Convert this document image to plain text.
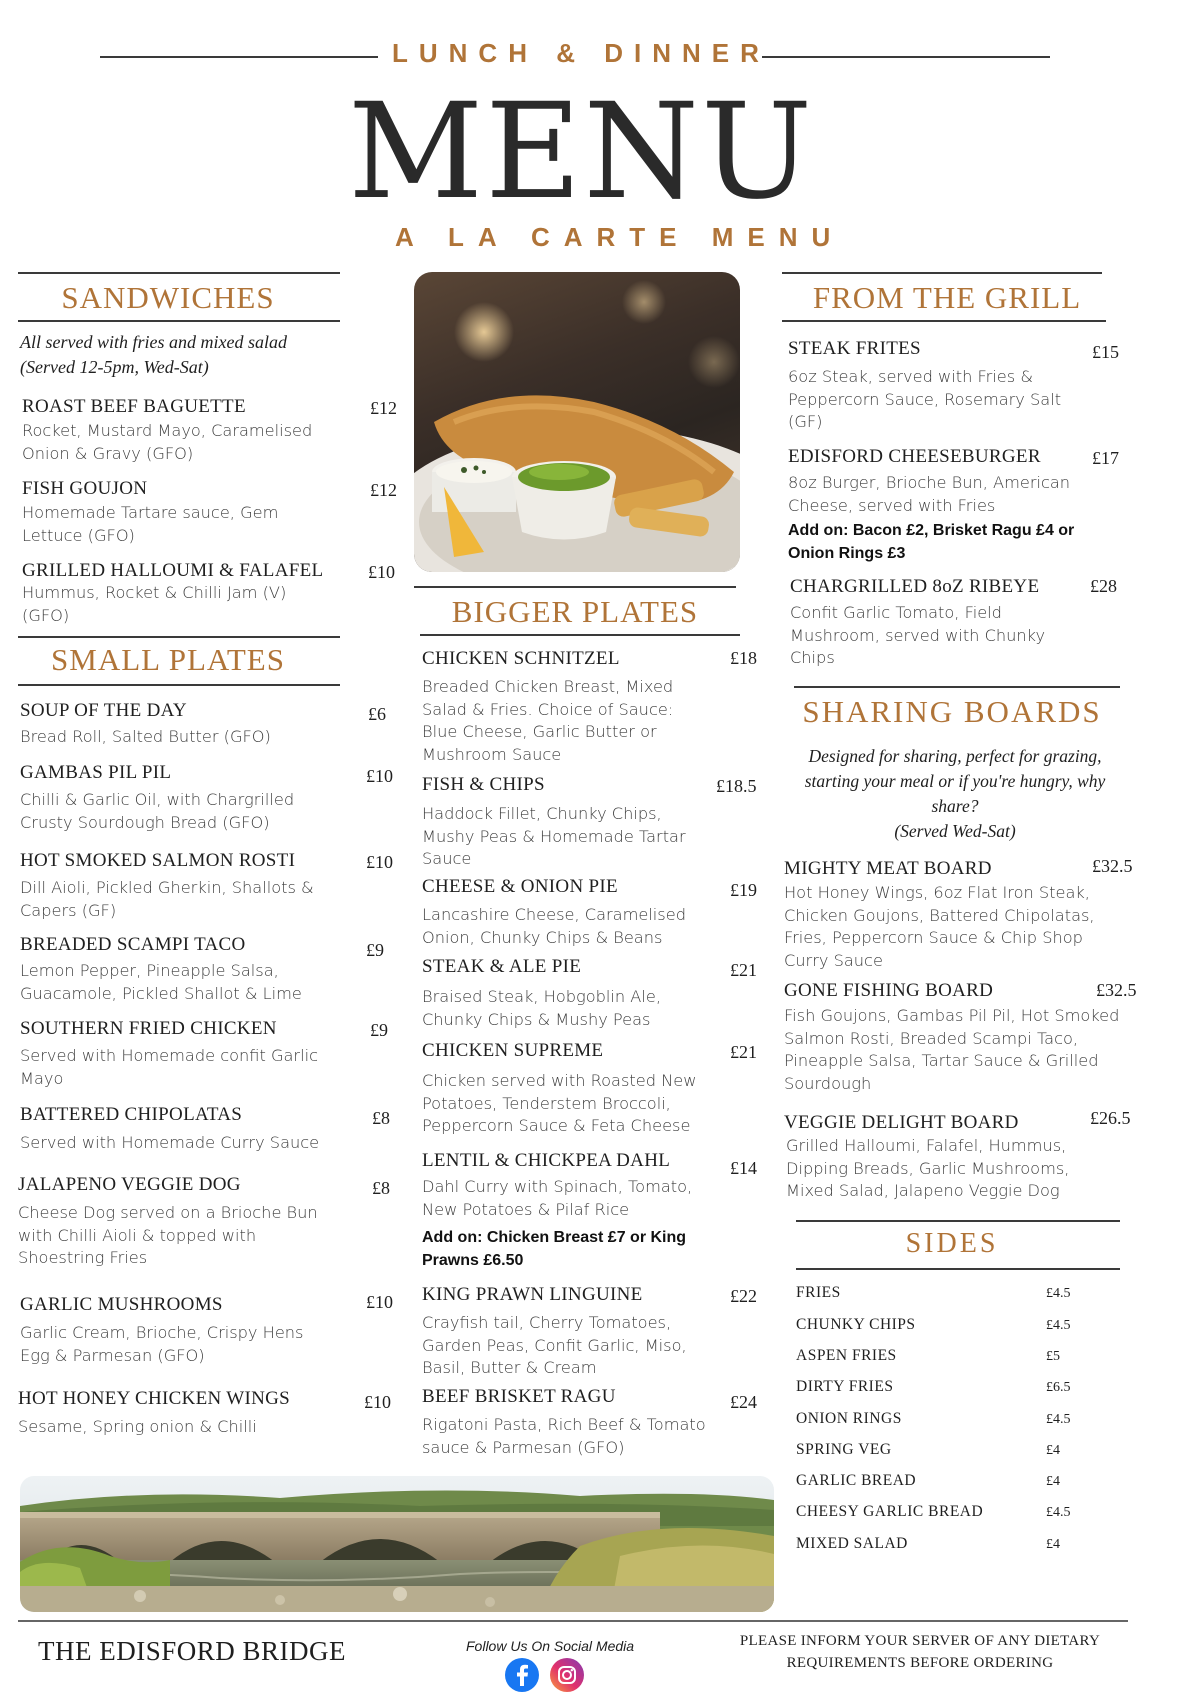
LUNCH & DINNER
MENU
A LA CARTE MENU
SANDWICHES
All served with fries and mixed salad
(Served 12-5pm, Wed-Sat)
ROAST BEEF BAGUETTE	£12
Rocket, Mustard Mayo, Caramelised Onion & Gravy (GFO)
FISH GOUJON	£12
Homemade Tartare sauce, Gem Lettuce (GFO)
GRILLED HALLOUMI & FALAFEL £10
Hummus, Rocket & Chilli Jam (V) (GFO)
SMALL PLATES
SOUP OF THE DAY	£6
Bread Roll, Salted Butter (GFO)
GAMBAS PIL PIL	£10
Chilli & Garlic Oil, with Chargrilled Crusty Sourdough Bread (GFO)
HOT SMOKED SALMON ROSTI	£10
Dill Aioli, Pickled Gherkin, Shallots & Capers (GF)
BREADED SCAMPI TACO	£9
Lemon Pepper, Pineapple Salsa, Guacamole, Pickled Shallot & Lime
SOUTHERN FRIED CHICKEN	£9
Served with Homemade confit Garlic Mayo
BATTERED CHIPOLATAS	£8
Served with Homemade Curry Sauce
JALAPENO VEGGIE DOG	£8
Cheese Dog served on a Brioche Bun with Chilli Aioli & topped with Shoestring Fries
GARLIC MUSHROOMS	£10
Garlic Cream, Brioche, Crispy Hens Egg & Parmesan (GFO)
HOT HONEY CHICKEN WINGS	£10
Sesame, Spring onion & Chilli
BIGGER PLATES
CHICKEN SCHNITZEL	£18
Breaded Chicken Breast, Mixed Salad & Fries. Choice of Sauce: Blue Cheese, Garlic Butter or Mushroom Sauce
FISH & CHIPS	£18.5
Haddock Fillet, Chunky Chips, Mushy Peas & Homemade Tartar Sauce
CHEESE & ONION PIE	£19
Lancashire Cheese, Caramelised Onion, Chunky Chips & Beans
STEAK & ALE PIE	£21
Braised Steak, Hobgoblin Ale, Chunky Chips & Mushy Peas
CHICKEN SUPREME	£21
Chicken served with Roasted New Potatoes, Tenderstem Broccoli, Peppercorn Sauce & Feta Cheese
LENTIL & CHICKPEA DAHL	£14
Dahl Curry with Spinach, Tomato, New Potatoes & Pilaf Rice
Add on: Chicken Breast £7 or King Prawns £6.50
KING PRAWN LINGUINE	£22
Crayfish tail, Cherry Tomatoes, Garden Peas, Confit Garlic, Miso, Basil, Butter & Cream
BEEF BRISKET RAGU	£24
Rigatoni Pasta, Rich Beef & Tomato sauce & Parmesan (GFO)
FROM THE GRILL
STEAK FRITES	£15
6oz Steak, served with Fries & Peppercorn Sauce, Rosemary Salt (GF)
EDISFORD CHEESEBURGER	£17
8oz Burger, Brioche Bun, American Cheese, served with Fries
Add on: Bacon £2, Brisket Ragu £4 or Onion Rings £3
CHARGRILLED 8oZ RIBEYE	£28
Confit Garlic Tomato, Field Mushroom, served with Chunky Chips
SHARING BOARDS
Designed for sharing, perfect for grazing,
starting your meal or if you're hungry, why
share?
(Served Wed-Sat)
MIGHTY MEAT BOARD	£32.5
Hot Honey Wings, 6oz Flat Iron Steak, Chicken Goujons, Battered Chipolatas, Fries, Peppercorn Sauce & Chip Shop Curry Sauce
GONE FISHING BOARD	£32.5
Fish Goujons, Gambas Pil Pil, Hot Smoked Salmon Rosti, Breaded Scampi Taco, Pineapple Salsa, Tartar Sauce & Grilled Sourdough
VEGGIE DELIGHT BOARD	£26.5
Grilled Halloumi, Falafel, Hummus, Dipping Breads, Garlic Mushrooms, Mixed Salad, Jalapeno Veggie Dog
SIDES
FRIES	£4.5
CHUNKY CHIPS	£4.5
ASPEN FRIES	£5
DIRTY FRIES	£6.5
ONION RINGS	£4.5
SPRING VEG	£4
GARLIC BREAD	£4
CHEESY GARLIC BREAD	£4.5
MIXED SALAD	£4
THE EDISFORD BRIDGE	Follow Us On Social Media	PLEASE INFORM YOUR SERVER OF ANY DIETARY
REQUIREMENTS BEFORE ORDERING
